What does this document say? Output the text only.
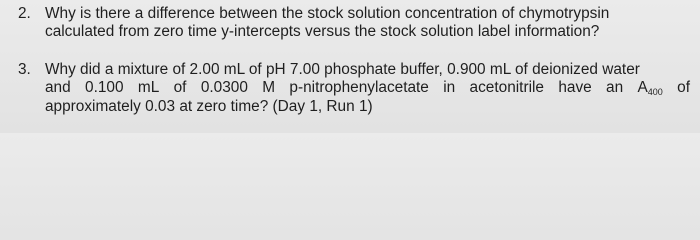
2. Why is there a difference between the stock solution concentration of chymotrypsin
calculated from zero time y-intercepts versus the stock solution label information?
3. Why did a mixture of 2.00 mL of pH 7.00 phosphate buffer, 0.900 mL of deionized water
and 0.100 mL of 0.0300 M p-nitrophenylacetate in acetonitrile have an A400 of
approximately 0.03 at zero time? (Day 1, Run 1)
